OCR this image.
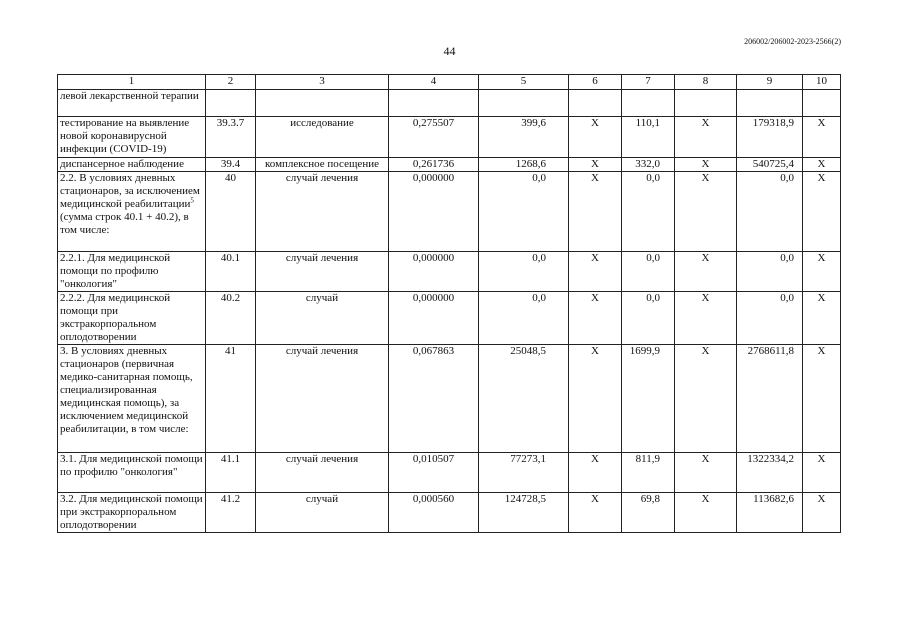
206002/206002-2023-2566(2)
44
1	2	3	4	5	6	7	8	9	10
левой лекарственной терапии									
тестирование на выявление новой коронавирусной инфекции (COVID-19)	39.3.7	исследование	0,275507	399,6	Х	110,1	Х	179318,9	Х
диспансерное наблюдение	39.4	комплексное посещение	0,261736	1268,6	Х	332,0	Х	540725,4	Х
2.2. В условиях дневных стационаров, за исключением медицинской реабилитации$^5$ (сумма строк 40.1 + 40.2), в том числе:	40	случай лечения	0,000000	0,0	Х	0,0	Х	0,0	Х
2.2.1. Для медицинской помощи по профилю "онкология"	40.1	случай лечения	0,000000	0,0	Х	0,0	Х	0,0	Х
2.2.2. Для медицинской помощи при экстракорпоральном оплодотворении	40.2	случай	0,000000	0,0	Х	0,0	Х	0,0	Х
3. В условиях дневных стационаров (первичная медико-санитарная помощь, специализированная медицинская помощь), за исключением медицинской реабилитации, в том числе:	41	случай лечения	0,067863	25048,5	Х	1699,9	Х	2768611,8	Х
3.1. Для медицинской помощи по профилю "онкология"	41.1	случай лечения	0,010507	77273,1	Х	811,9	Х	1322334,2	Х
3.2. Для медицинской помощи при экстракорпоральном оплодотворении	41.2	случай	0,000560	124728,5	Х	69,8	Х	113682,6	Х
